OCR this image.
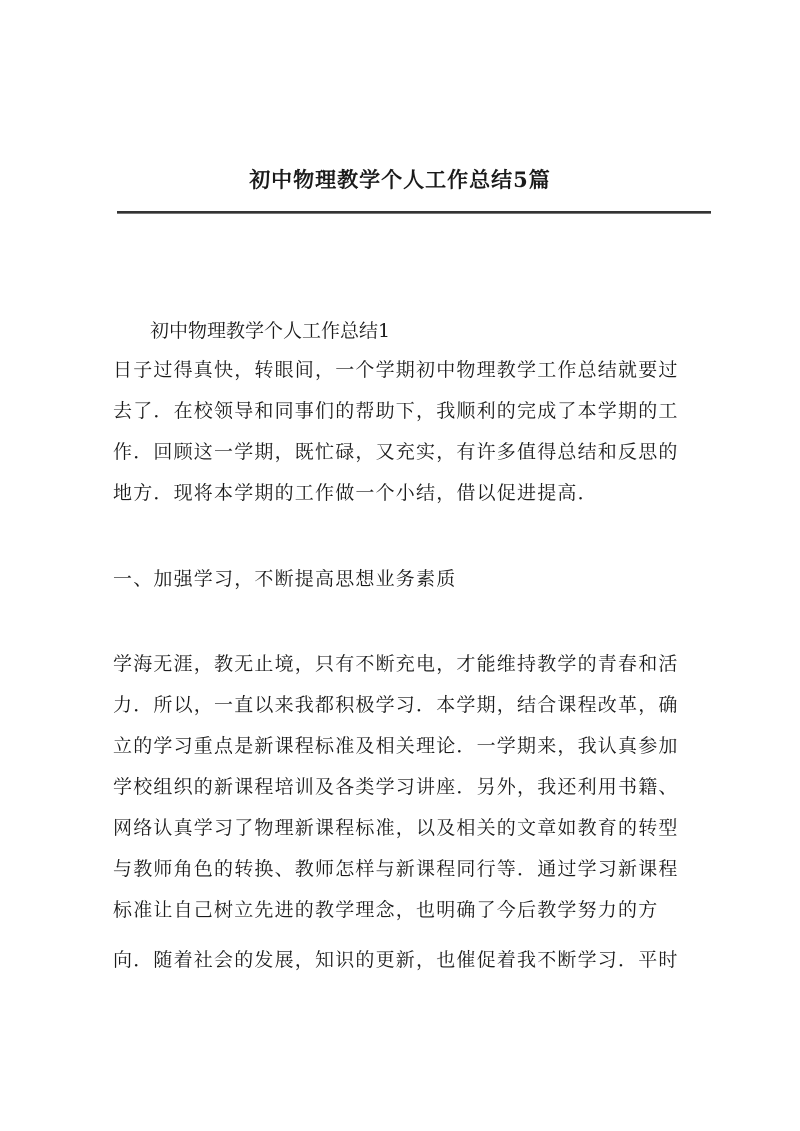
初中物理教学个人工作总结5篇
初中物理教学个人工作总结1
日子过得真快，转眼间，一个学期初中物理教学工作总结就要过
去了．在校领导和同事们的帮助下，我顺利的完成了本学期的工
作．回顾这一学期，既忙碌，又充实，有许多值得总结和反思的
地方．现将本学期的工作做一个小结，借以促进提高．
一、加强学习，不断提高思想业务素质
学海无涯，教无止境，只有不断充电，才能维持教学的青春和活
力．所以，一直以来我都积极学习．本学期，结合课程改革，确
立的学习重点是新课程标准及相关理论．一学期来，我认真参加
学校组织的新课程培训及各类学习讲座．另外，我还利用书籍、
网络认真学习了物理新课程标准，以及相关的文章如教育的转型
与教师角色的转换、教师怎样与新课程同行等．通过学习新课程
标准让自己树立先进的教学理念，也明确了今后教学努力的方
向．随着社会的发展，知识的更新，也催促着我不断学习．平时
